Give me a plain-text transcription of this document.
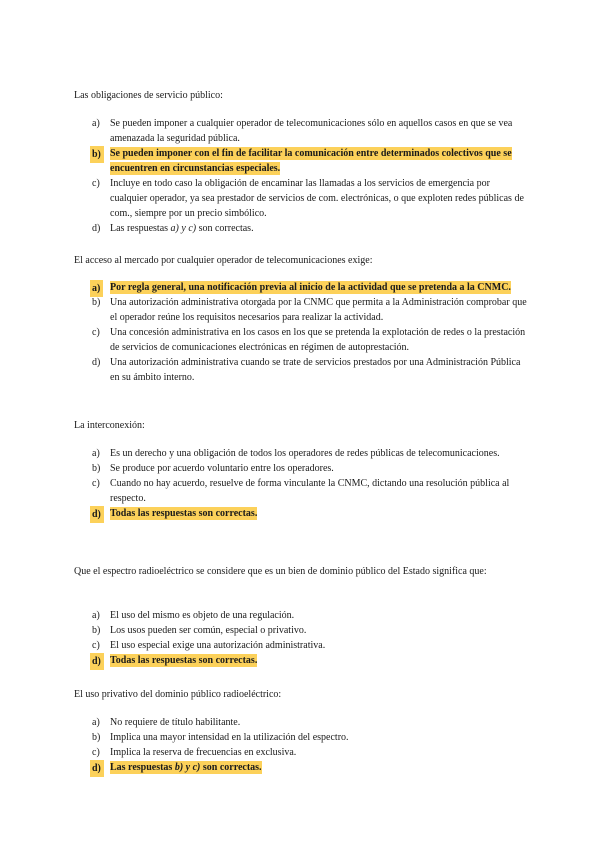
Las obligaciones de servicio público:

a) Se pueden imponer a cualquier operador de telecomunicaciones sólo en aquellos casos en que se vea amenazada la seguridad pública.
b) Se pueden imponer con el fin de facilitar la comunicación entre determinados colectivos que se encuentren en circunstancias especiales.
c) Incluye en todo caso la obligación de encaminar las llamadas a los servicios de emergencia por cualquier operador, ya sea prestador de servicios de com. electrónicas, o que exploten redes públicas de com., siempre por un precio simbólico.
d) Las respuestas a) y c) son correctas.

El acceso al mercado por cualquier operador de telecomunicaciones exige:

a) Por regla general, una notificación previa al inicio de la actividad que se pretenda a la CNMC.
b) Una autorización administrativa otorgada por la CNMC que permita a la Administración comprobar que el operador reúne los requisitos necesarios para realizar la actividad.
c) Una concesión administrativa en los casos en los que se pretenda la explotación de redes o la prestación de servicios de comunicaciones electrónicas en régimen de autoprestación.
d) Una autorización administrativa cuando se trate de servicios prestados por una Administración Pública en su ámbito interno.

La interconexión:

a) Es un derecho y una obligación de todos los operadores de redes públicas de telecomunicaciones.
b) Se produce por acuerdo voluntario entre los operadores.
c) Cuando no hay acuerdo, resuelve de forma vinculante la CNMC, dictando una resolución pública al respecto.
d) Todas las respuestas son correctas.

Que el espectro radioeléctrico se considere que es un bien de dominio público del Estado significa que:

a) El uso del mismo es objeto de una regulación.
b) Los usos pueden ser común, especial o privativo.
c) El uso especial exige una autorización administrativa.
d) Todas las respuestas son correctas.

El uso privativo del dominio público radioeléctrico:

a) No requiere de título habilitante.
b) Implica una mayor intensidad en la utilización del espectro.
c) Implica la reserva de frecuencias en exclusiva.
d) Las respuestas b) y c) son correctas.
